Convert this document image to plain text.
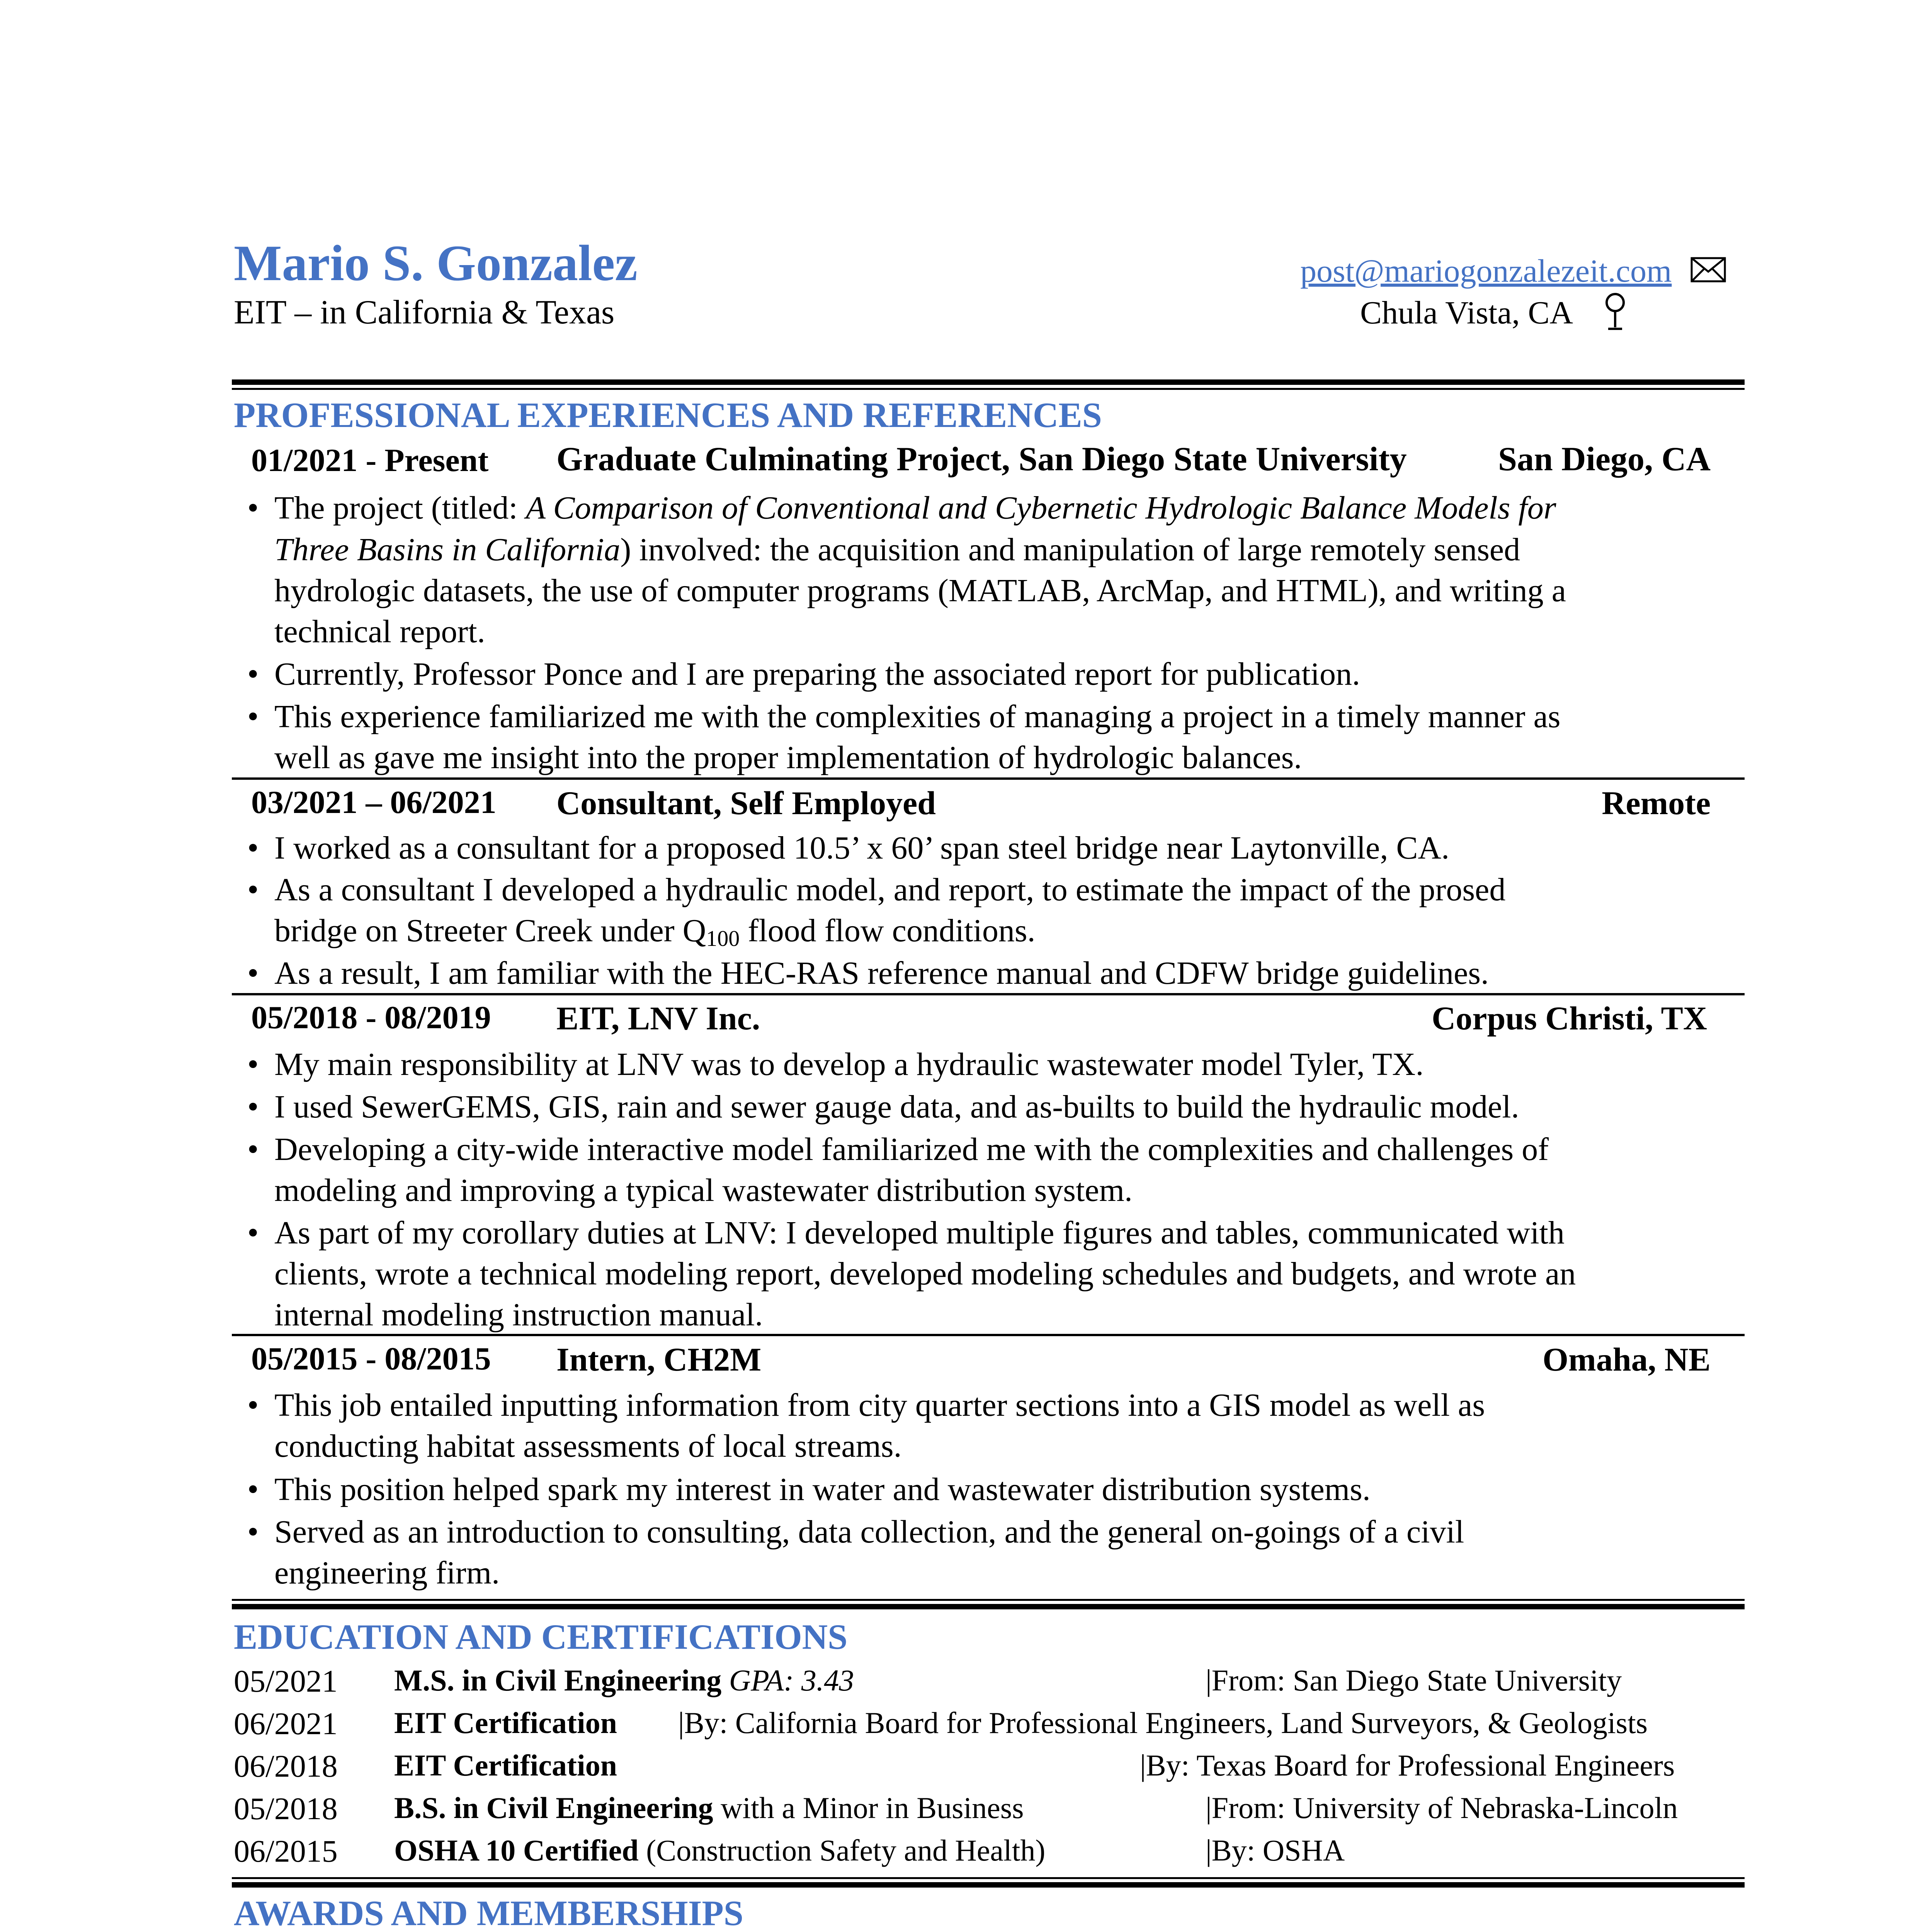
Mario S. Gonzalez
EIT – in California & Texas
post@mariogonzalezeit.com
Chula Vista, CA
PROFESSIONAL EXPERIENCES AND REFERENCES
01/2021 - Present Graduate Culminating Project, San Diego State University	San Diego, CA
• The project (titled: A Comparison of Conventional and Cybernetic Hydrologic Balance Models for
Three Basins in California) involved: the acquisition and manipulation of large remotely sensed
hydrologic datasets, the use of computer programs (MATLAB, ArcMap, and HTML), and writing a
technical report.
• Currently, Professor Ponce and I are preparing the associated report for publication.
• This experience familiarized me with the complexities of managing a project in a timely manner as
well as gave me insight into the proper implementation of hydrologic balances.
03/2021 – 06/2021 Consultant, Self Employed	Remote
• I worked as a consultant for a proposed 10.5’ x 60’ span steel bridge near Laytonville, CA.
• As a consultant I developed a hydraulic model, and report, to estimate the impact of the prosed
bridge on Streeter Creek under $Q_{100}$ flood flow conditions.
• As a result, I am familiar with the HEC-RAS reference manual and CDFW bridge guidelines.
05/2018 - 08/2019 EIT, LNV Inc.	Corpus Christi, TX
• My main responsibility at LNV was to develop a hydraulic wastewater model Tyler, TX.
• I used SewerGEMS, GIS, rain and sewer gauge data, and as-builts to build the hydraulic model.
• Developing a city-wide interactive model familiarized me with the complexities and challenges of
modeling and improving a typical wastewater distribution system.
• As part of my corollary duties at LNV: I developed multiple figures and tables, communicated with
clients, wrote a technical modeling report, developed modeling schedules and budgets, and wrote an
internal modeling instruction manual.
05/2015 - 08/2015 Intern, CH2M	Omaha, NE
• This job entailed inputting information from city quarter sections into a GIS model as well as
conducting habitat assessments of local streams.
• This position helped spark my interest in water and wastewater distribution systems.
• Served as an introduction to consulting, data collection, and the general on-goings of a civil
engineering firm.
EDUCATION AND CERTIFICATIONS
05/2021 M.S. in Civil Engineering GPA: 3.43	|From: San Diego State University
06/2021 EIT Certification |By: California Board for Professional Engineers, Land Surveyors, & Geologists
06/2018 EIT Certification	|By: Texas Board for Professional Engineers
05/2018 B.S. in Civil Engineering with a Minor in Business	|From: University of Nebraska-Lincoln
06/2015 OSHA 10 Certified (Construction Safety and Health)	|By: OSHA
AWARDS AND MEMBERSHIPS
